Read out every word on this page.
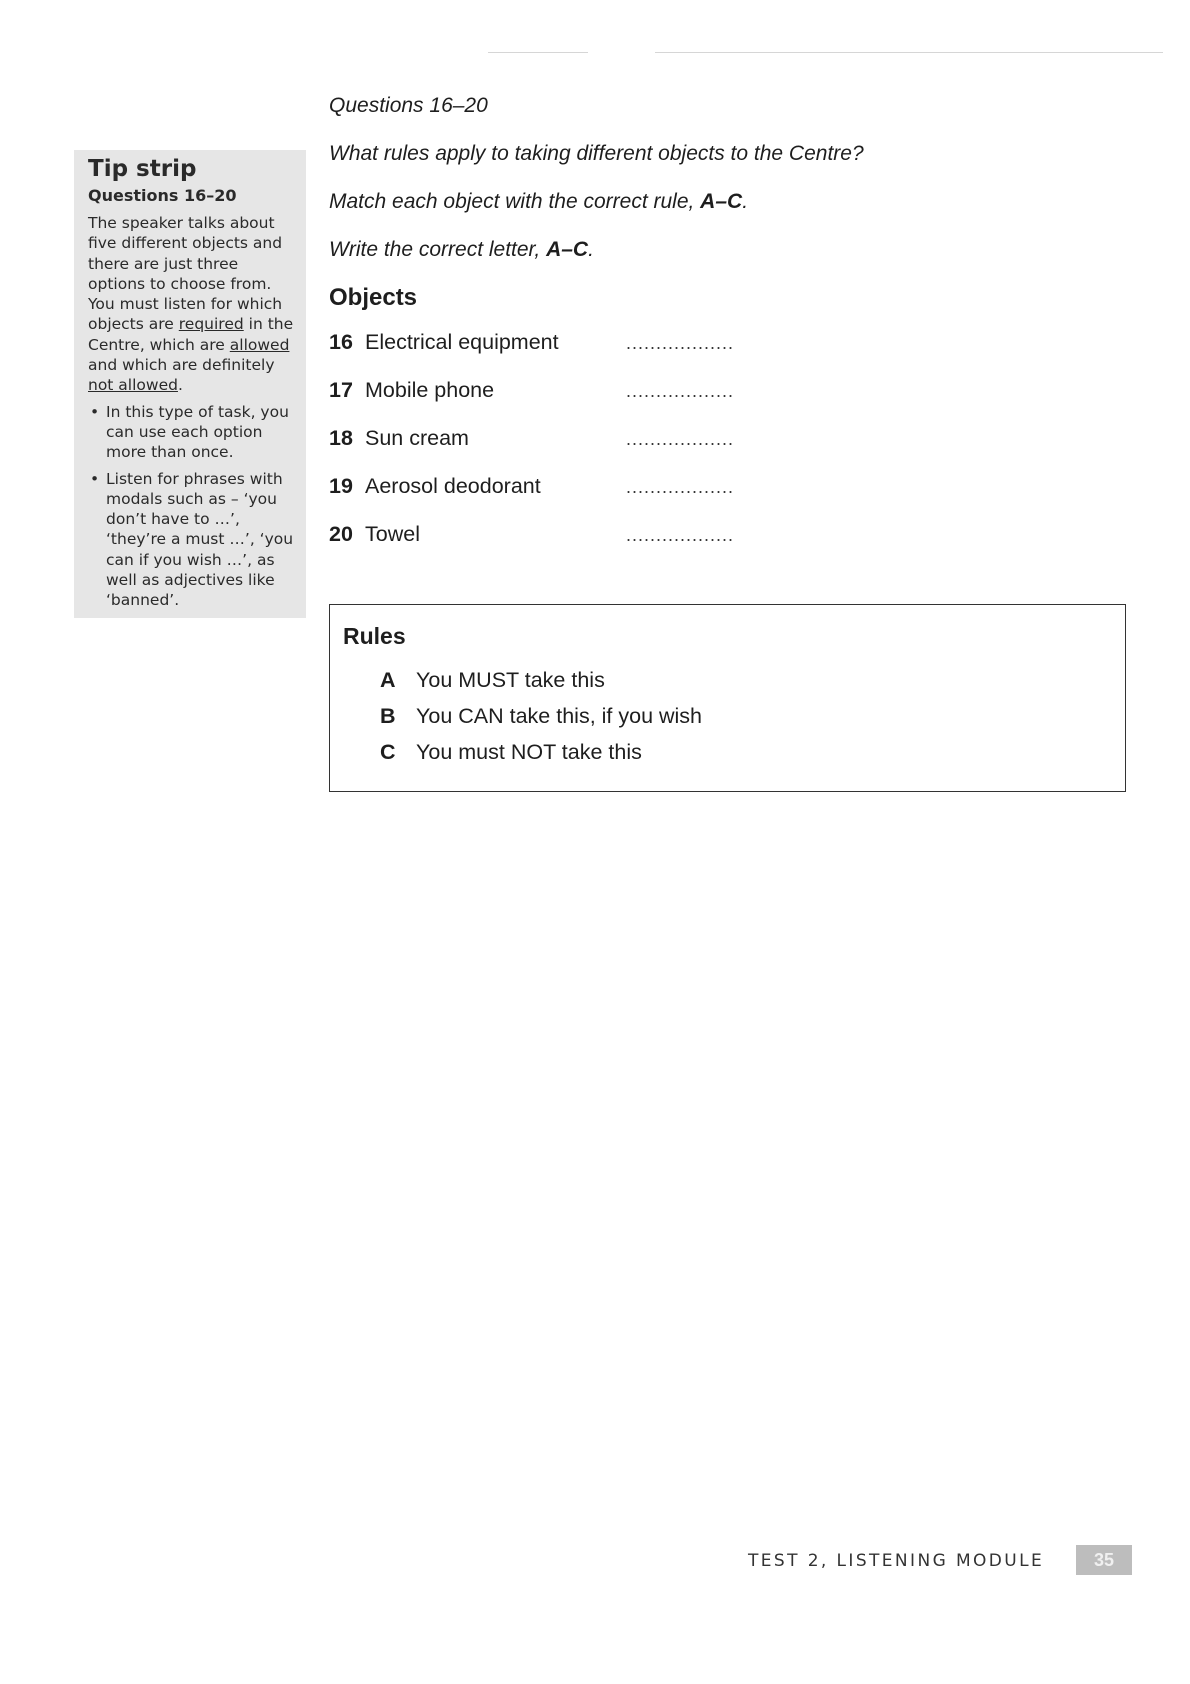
Tip strip
Questions 16–20
The speaker talks about five different objects and there are just three options to choose from. You must listen for which objects are required in the Centre, which are allowed and which are definitely not allowed.
• In this type of task, you can use each option more than once.
• Listen for phrases with modals such as – ‘you don’t have to …’, ‘they’re a must …’, ‘you can if you wish …’, as well as adjectives like ‘banned’.
Questions 16–20
What rules apply to taking different objects to the Centre?
Match each object with the correct rule, A–C.
Write the correct letter, A–C.
Objects
16 Electrical equipment	..................
17 Mobile phone	..................
18 Sun cream	..................
19 Aerosol deodorant	..................
20 Towel	..................
Rules
A You MUST take this
B You CAN take this, if you wish
C You must NOT take this
TEST 2, LISTENING MODULE	35
